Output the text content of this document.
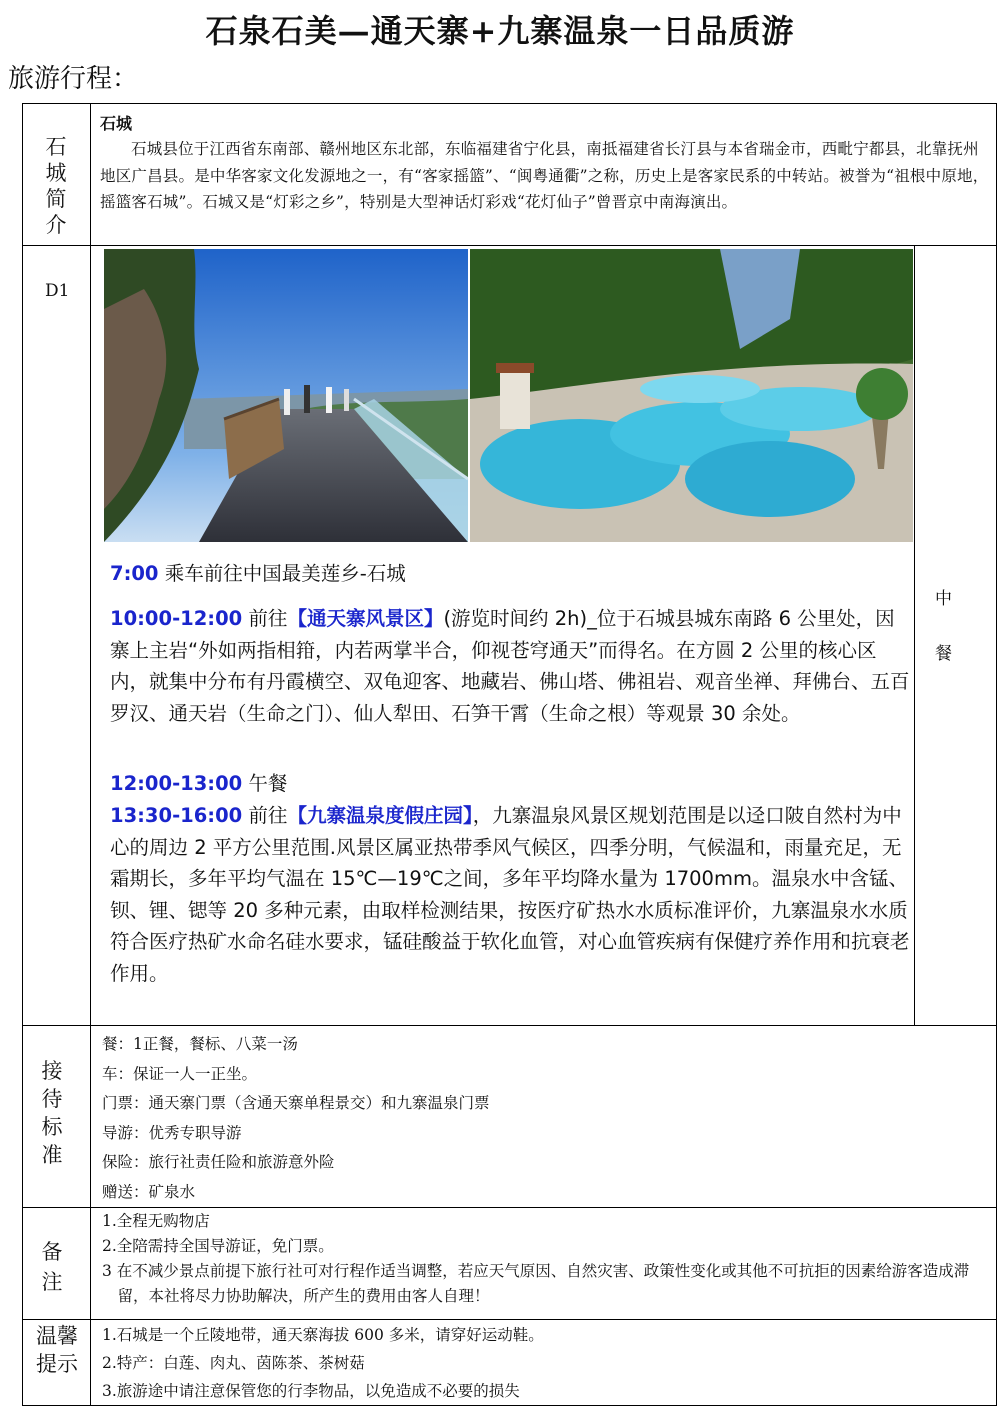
石泉石美—通天寨+九寨温泉一日品质游
旅游行程：
石
城
简
介
石城
石城县位于江西省东南部、赣州地区东北部，东临福建省宁化县，南抵福建省长汀县与本省瑞金市，西毗宁都县，北靠抚州地区广昌县。是中华客家文化发源地之一，有“客家摇篮”、“闽粤通衢”之称，历史上是客家民系的中转站。被誉为“祖根中原地，摇篮客石城”。石城又是“灯彩之乡”，特别是大型神话灯彩戏“花灯仙子”曾晋京中南海演出。
D1
7:00 乘车前往中国最美莲乡-石城
10:00-12:00 前往【通天寨风景区】(游览时间约 2h)_位于石城县城东南路 6 公里处，因寨上主岩“外如两指相箝，内若两掌半合，仰视苍穹通天”而得名。在方圆 2 公里的核心区内，就集中分布有丹霞横空、双龟迎客、地藏岩、佛山塔、佛祖岩、观音坐禅、拜佛台、五百罗汉、通天岩（生命之门）、仙人犁田、石笋干霄（生命之根）等观景 30 余处。
12:00-13:00 午餐
13:30-16:00 前往【九寨温泉度假庄园】，九寨温泉风景区规划范围是以迳口陂自然村为中心的周边 2 平方公里范围.风景区属亚热带季风气候区，四季分明，气候温和，雨量充足，无霜期长，多年平均气温在 15℃—19℃之间，多年平均降水量为 1700mm。温泉水中含锰、钡、锂、锶等 20 多种元素，由取样检测结果，按医疗矿热水水质标准评价，九寨温泉水水质符合医疗热矿水命名硅水要求，锰硅酸益于软化血管，对心血管疾病有保健疗养作用和抗衰老作用。
中
餐
接
待
标
准
餐：1正餐，餐标、八菜一汤
车：保证一人一正坐。
门票：通天寨门票（含通天寨单程景交）和九寨温泉门票
导游：优秀专职导游
保险：旅行社责任险和旅游意外险
赠送：矿泉水
备
注
1.全程无购物店
2.全陪需持全国导游证，免门票。
3 在不减少景点前提下旅行社可对行程作适当调整，若应天气原因、自然灾害、政策性变化或其他不可抗拒的因素给游客造成滞留，本社将尽力协助解决，所产生的费用由客人自理！
温馨
提示
1.石城是一个丘陵地带，通天寨海拔 600 多米，请穿好运动鞋。
2.特产：白莲、肉丸、茵陈茶、茶树菇
3.旅游途中请注意保管您的行李物品，以免造成不必要的损失
